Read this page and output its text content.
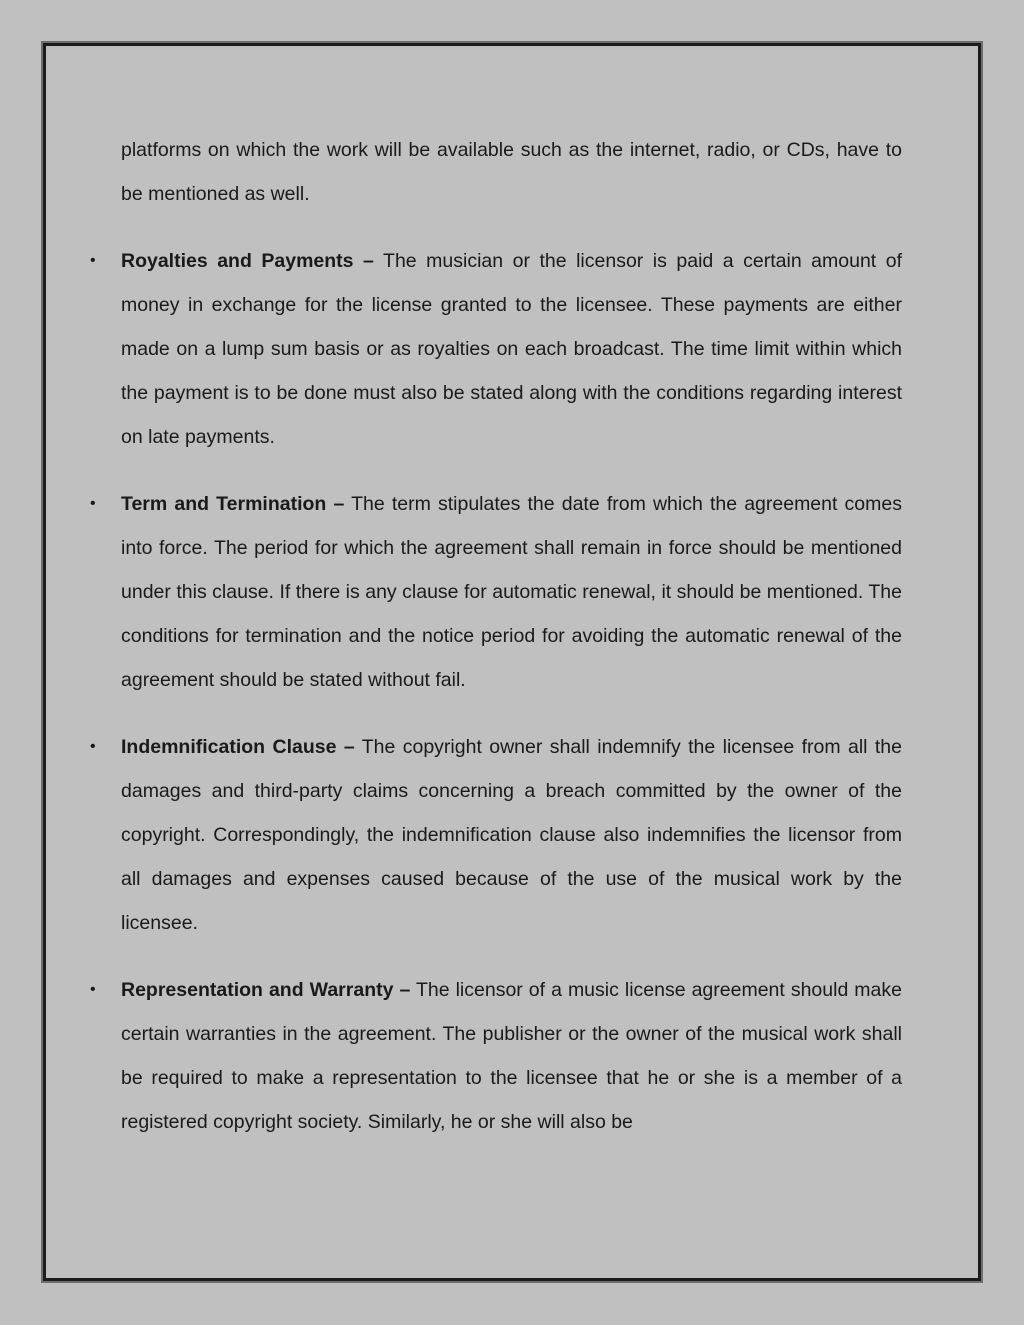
platforms on which the work will be available such as the internet, radio, or CDs, have to be mentioned as well.

• Royalties and Payments – The musician or the licensor is paid a certain amount of money in exchange for the license granted to the licensee. These payments are either made on a lump sum basis or as royalties on each broadcast. The time limit within which the payment is to be done must also be stated along with the conditions regarding interest on late payments.

• Term and Termination – The term stipulates the date from which the agreement comes into force. The period for which the agreement shall remain in force should be mentioned under this clause. If there is any clause for automatic renewal, it should be mentioned. The conditions for termination and the notice period for avoiding the automatic renewal of the agreement should be stated without fail.

• Indemnification Clause – The copyright owner shall indemnify the licensee from all the damages and third-party claims concerning a breach committed by the owner of the copyright. Correspondingly, the indemnification clause also indemnifies the licensor from all damages and expenses caused because of the use of the musical work by the licensee.

• Representation and Warranty – The licensor of a music license agreement should make certain warranties in the agreement. The publisher or the owner of the musical work shall be required to make a representation to the licensee that he or she is a member of a registered copyright society. Similarly, he or she will also be
